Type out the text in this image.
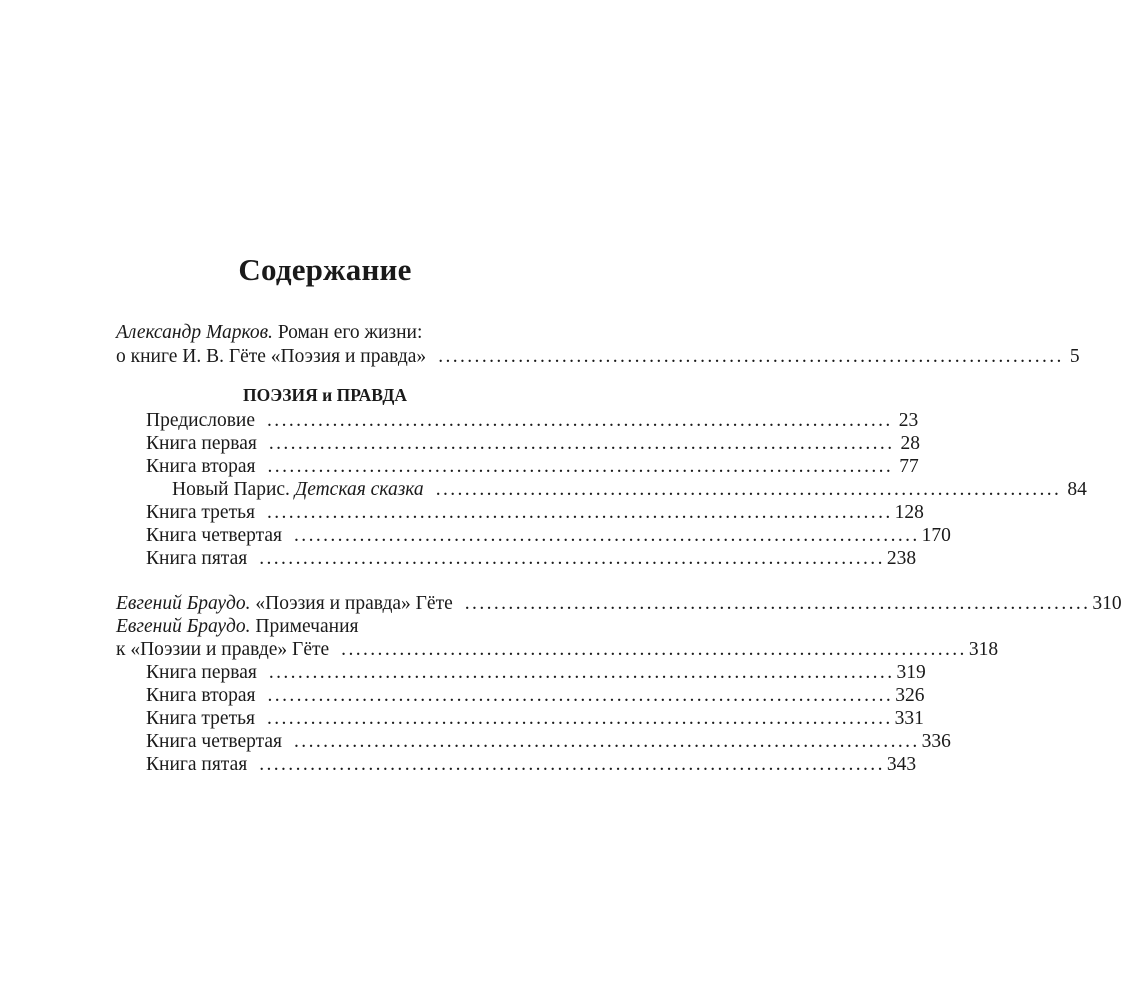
Содержание
Александр Марков. Роман его жизни:
о книге И. В. Гёте «Поэзия и правда» ...................................................................................... 5
ПОЭЗИЯ и ПРАВДА
Предисловие ...................................................................................... 23
Книга первая ...................................................................................... 28
Книга вторая ...................................................................................... 77
Новый Парис. Детская сказка ...................................................................................... 84
Книга третья ...................................................................................... 128
Книга четвертая ...................................................................................... 170
Книга пятая ...................................................................................... 238
Евгений Браудо. «Поэзия и правда» Гёте ...................................................................................... 310
Евгений Браудо. Примечания
к «Поэзии и правде» Гёте ...................................................................................... 318
Книга первая ...................................................................................... 319
Книга вторая ...................................................................................... 326
Книга третья ...................................................................................... 331
Книга четвертая ...................................................................................... 336
Книга пятая ...................................................................................... 343
